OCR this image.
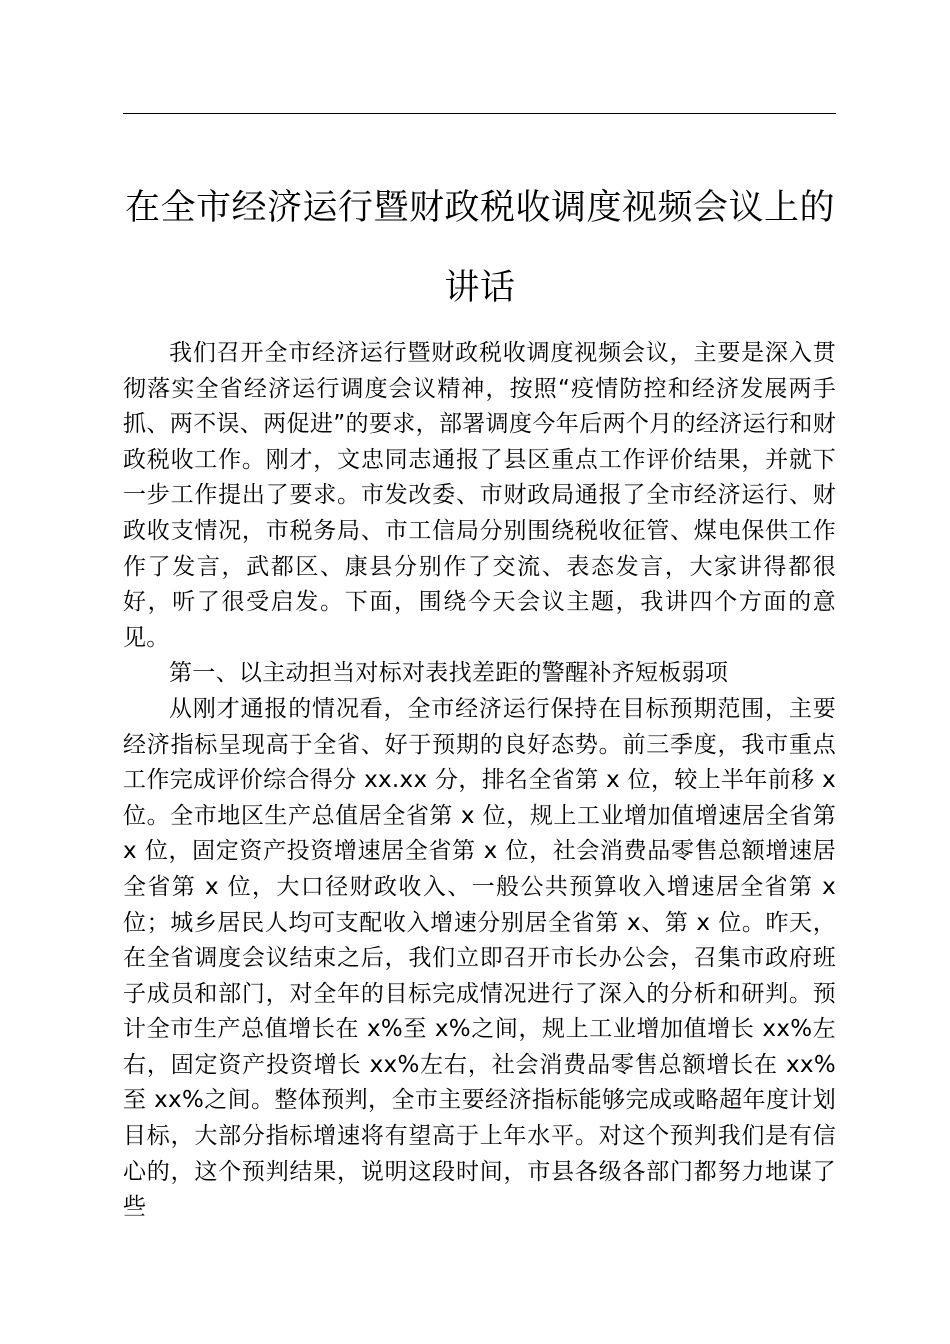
在全市经济运行暨财政税收调度视频会议上的
讲话

我们召开全市经济运行暨财政税收调度视频会议，主要是深入贯彻落实全省经济运行调度会议精神，按照“疫情防控和经济发展两手抓、两不误、两促进”的要求，部署调度今年后两个月的经济运行和财政税收工作。刚才，文忠同志通报了县区重点工作评价结果，并就下一步工作提出了要求。市发改委、市财政局通报了全市经济运行、财政收支情况，市税务局、市工信局分别围绕税收征管、煤电保供工作作了发言，武都区、康县分别作了交流、表态发言，大家讲得都很好，听了很受启发。下面，围绕今天会议主题，我讲四个方面的意见。

第一、以主动担当对标对表找差距的警醒补齐短板弱项

从刚才通报的情况看，全市经济运行保持在目标预期范围，主要经济指标呈现高于全省、好于预期的良好态势。前三季度，我市重点工作完成评价综合得分 xx.xx 分，排名全省第 x 位，较上半年前移 x 位。全市地区生产总值居全省第 x 位，规上工业增加值增速居全省第 x 位，固定资产投资增速居全省第 x 位，社会消费品零售总额增速居全省第 x 位，大口径财政收入、一般公共预算收入增速居全省第 x 位；城乡居民人均可支配收入增速分别居全省第 x、第 x 位。昨天，在全省调度会议结束之后，我们立即召开市长办公会，召集市政府班子成员和部门，对全年的目标完成情况进行了深入的分析和研判。预计全市生产总值增长在 x%至 x%之间，规上工业增加值增长 xx%左右，固定资产投资增长 xx%左右，社会消费品零售总额增长在 xx%至 xx%之间。整体预判，全市主要经济指标能够完成或略超年度计划目标，大部分指标增速将有望高于上年水平。对这个预判我们是有信心的，这个预判结果，说明这段时间，市县各级各部门都努力地谋了些
